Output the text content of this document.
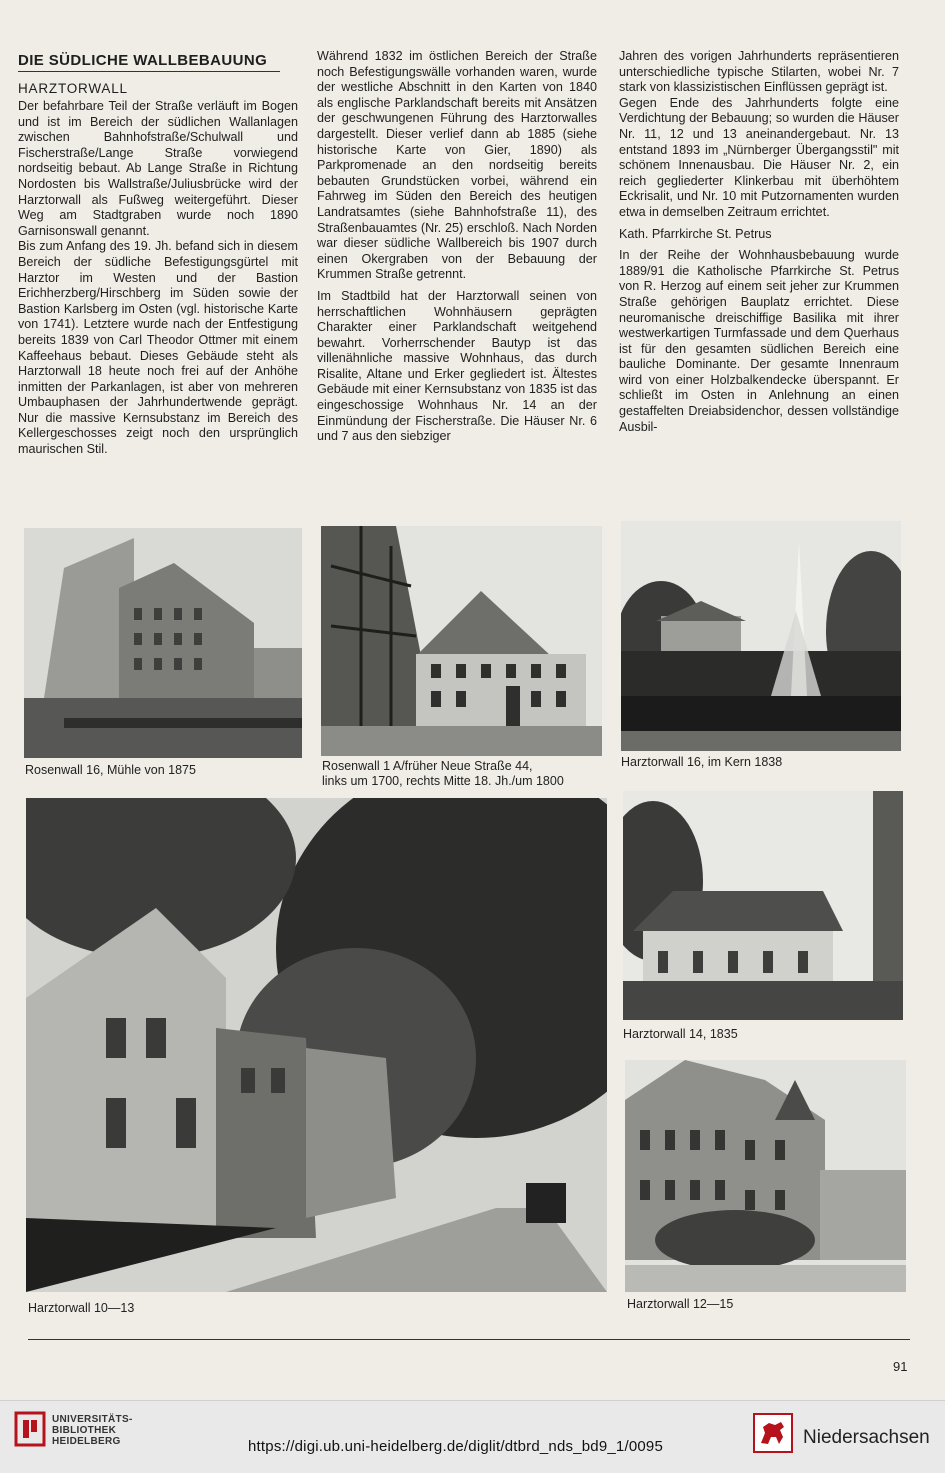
DIE SÜDLICHE WALLBEBAUUNG
HARZTORWALL

Der befahrbare Teil der Straße verläuft im Bogen und ist im Bereich der südlichen Wallanlagen zwischen Bahnhofstraße/Schulwall und Fischerstraße/Lange Straße vorwiegend nordseitig bebaut. Ab Lange Straße in Richtung Nordosten bis Wallstraße/Juliusbrücke wird der Harztorwall als Fußweg weitergeführt. Dieser Weg am Stadtgraben wurde noch 1890 Garnisonswall genannt.

Bis zum Anfang des 19. Jh. befand sich in diesem Bereich der südliche Befestigungsgürtel mit Harztor im Westen und der Bastion Erichherzberg/Hirschberg im Süden sowie der Bastion Karlsberg im Osten (vgl. historische Karte von 1741). Letztere wurde nach der Entfestigung bereits 1839 von Carl Theodor Ottmer mit einem Kaffeehaus bebaut. Dieses Gebäude steht als Harztorwall 18 heute noch frei auf der Anhöhe inmitten der Parkanlagen, ist aber von mehreren Umbauphasen der Jahrhundertwende geprägt. Nur die massive Kernsubstanz im Bereich des Kellergeschosses zeigt noch den ursprünglich maurischen Stil.

Während 1832 im östlichen Bereich der Straße noch Befestigungswälle vorhanden waren, wurde der westliche Abschnitt in den Karten von 1840 als englische Parklandschaft bereits mit Ansätzen der geschwungenen Führung des Harztorwalles dargestellt. Dieser verlief dann ab 1885 (siehe historische Karte von Gier, 1890) als Parkpromenade an den nordseitig bereits bebauten Grundstücken vorbei, während ein Fahrweg im Süden den Bereich des heutigen Landratsamtes (siehe Bahnhofstraße 11), des Straßenbauamtes (Nr. 25) erschloß. Nach Norden war dieser südliche Wallbereich bis 1907 durch einen Okergraben von der Bebauung der Krummen Straße getrennt.

Im Stadtbild hat der Harztorwall seinen von herrschaftlichen Wohnhäusern geprägten Charakter einer Parklandschaft weitgehend bewahrt. Vorherrschender Bautyp ist das villenähnliche massive Wohnhaus, das durch Risalite, Altane und Erker gegliedert ist. Ältestes Gebäude mit einer Kernsubstanz von 1835 ist das eingeschossige Wohnhaus Nr. 14 an der Einmündung der Fischerstraße. Die Häuser Nr. 6 und 7 aus den siebziger

Jahren des vorigen Jahrhunderts repräsentieren unterschiedliche typische Stilarten, wobei Nr. 7 stark von klassizistischen Einflüssen geprägt ist.

Gegen Ende des Jahrhunderts folgte eine Verdichtung der Bebauung; so wurden die Häuser Nr. 11, 12 und 13 aneinandergebaut. Nr. 13 entstand 1893 im „Nürnberger Übergangsstil" mit schönem Innenausbau. Die Häuser Nr. 2, ein reich gegliederter Klinkerbau mit überhöhtem Eckrisalit, und Nr. 10 mit Putzornamenten wurden etwa in demselben Zeitraum errichtet.

Kath. Pfarrkirche St. Petrus

In der Reihe der Wohnhausbebauung wurde 1889/91 die Katholische Pfarrkirche St. Petrus von R. Herzog auf einem seit jeher zur Krummen Straße gehörigen Bauplatz errichtet. Diese neuromanische dreischiffige Basilika mit ihrer westwerkartigen Turmfassade und dem Querhaus ist für den gesamten südlichen Bereich eine bauliche Dominante. Der gesamte Innenraum wird von einer Holzbalkendecke überspannt. Er schließt im Osten in Anlehnung an einen gestaffelten Dreiabsidenchor, dessen vollständige Ausbil-

Rosenwall 16, Mühle von 1875	Rosenwall 1 A/früher Neue Straße 44,
links um 1700, rechts Mitte 18. Jh./um 1800
Harztorwall 16, im Kern 1838
Harztorwall 10—13
Harztorwall 14, 1835
Harztorwall 12—15
91
UNIVERSITÄTS-
BIBLIOTHEK
HEIDELBERG	https://digi.ub.uni-heidelberg.de/diglit/dtbrd_nds_bd9_1/0095	Niedersachsen
